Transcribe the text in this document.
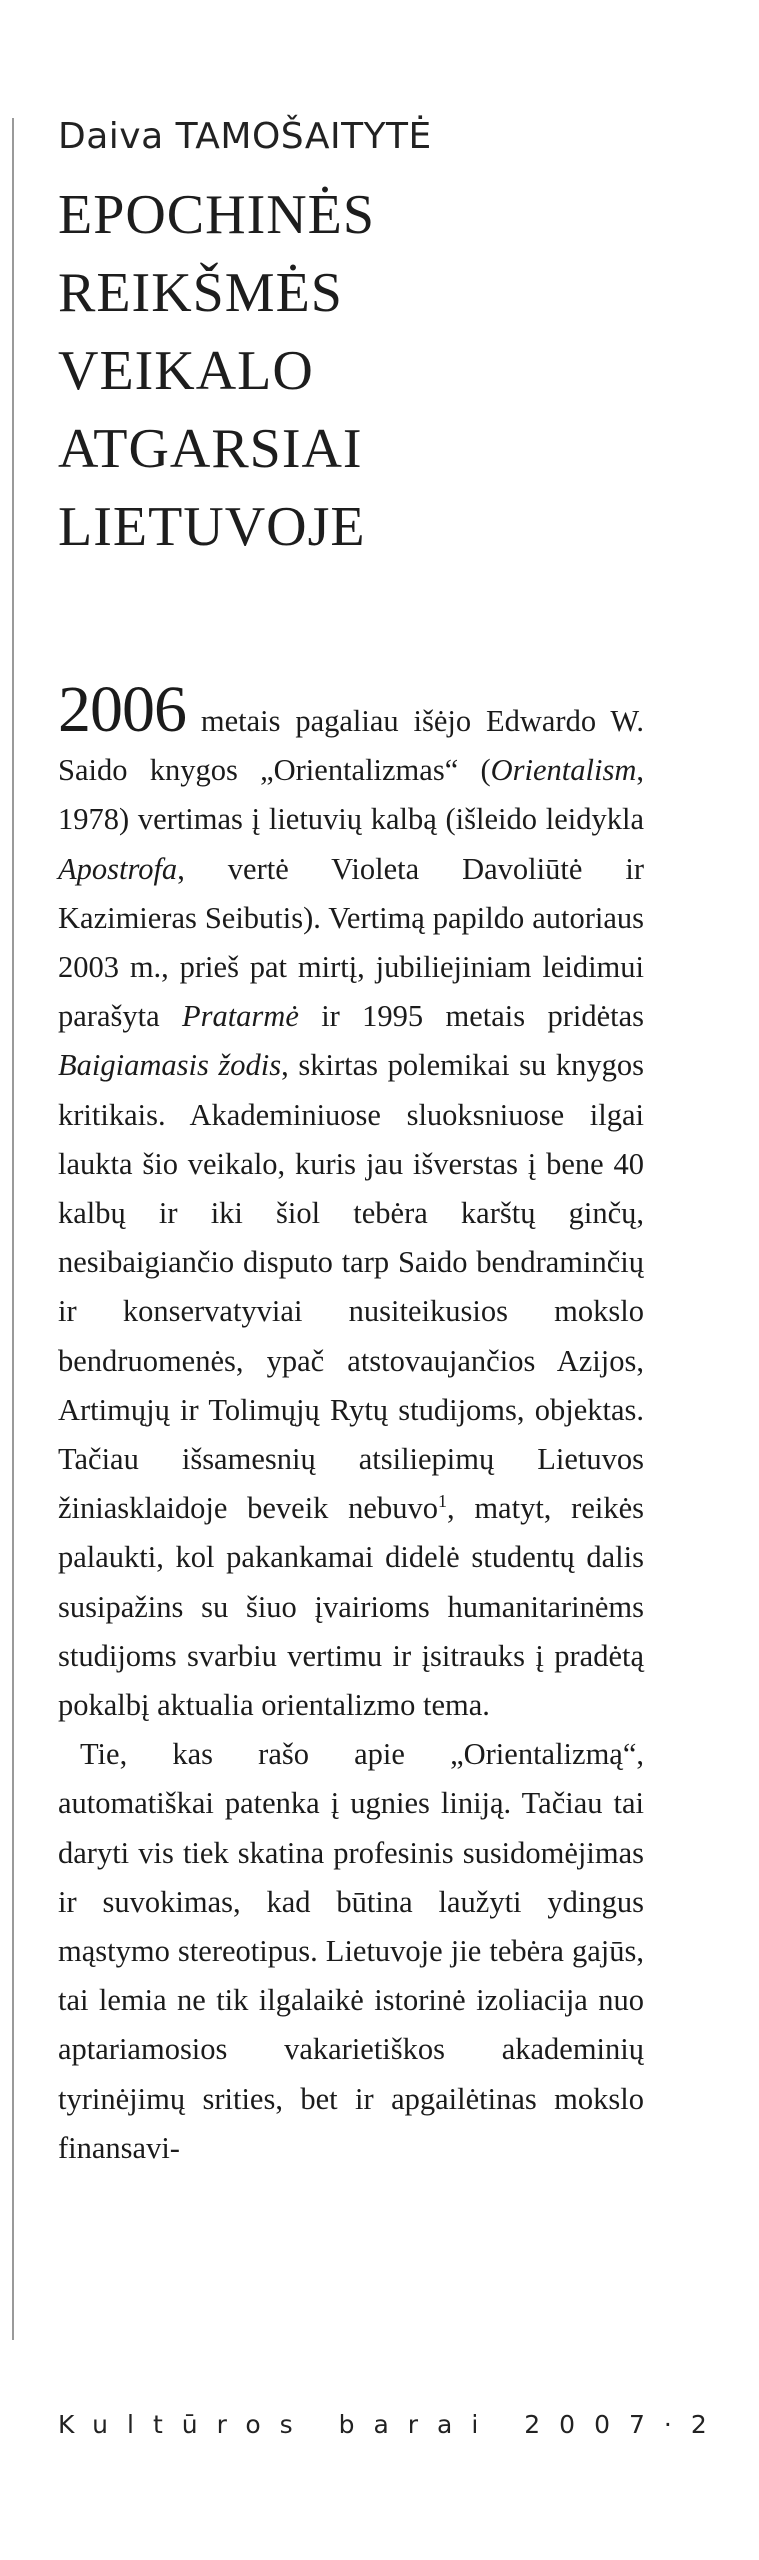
Daiva TAMOŠAITYTĖ
EPOCHINĖS
REIKŠMĖS
VEIKALO
ATGARSIAI
LIETUVOJE

2006 metais pagaliau išėjo Edwardo W. Saido knygos „Orientalizmas“ (Orientalism, 1978) vertimas į lietuvių kalbą (išleido leidykla Apostrofa, vertė Violeta Davoliūtė ir Kazimieras Seibutis). Vertimą papildo autoriaus 2003 m., prieš pat mirtį, jubiliejiniam leidimui parašyta Pratarmė ir 1995 metais pridėtas Baigiamasis žodis, skirtas polemikai su knygos kritikais. Akademiniuose sluoksniuose ilgai laukta šio veikalo, kuris jau išverstas į bene 40 kalbų ir iki šiol tebėra karštų ginčų, nesibaigiančio disputo tarp Saido bendraminčių ir konservatyviai nusiteikusios mokslo bendruomenės, ypač atstovaujančios Azijos, Artimųjų ir Tolimųjų Rytų studijoms, objektas. Tačiau išsamesnių atsiliepimų Lietuvos žiniasklaidoje beveik nebuvo$^1$, matyt, reikės palaukti, kol pakankamai didelė studentų dalis susipažins su šiuo įvairioms humanitarinėms studijoms svarbiu vertimu ir įsitrauks į pradėtą pokalbį aktualia orientalizmo tema.

Tie, kas rašo apie „Orientalizmą“, automatiškai patenka į ugnies liniją. Tačiau tai daryti vis tiek skatina profesinis susidomėjimas ir suvokimas, kad būtina laužyti ydingus mąstymo stereotipus. Lietuvoje jie tebėra gajūs, tai lemia ne tik ilgalaikė istorinė izoliacija nuo aptariamosios vakarietiškos akademinių tyrinėjimų srities, bet ir apgailėtinas mokslo finansavi-

Kultūros barai 2007·2
